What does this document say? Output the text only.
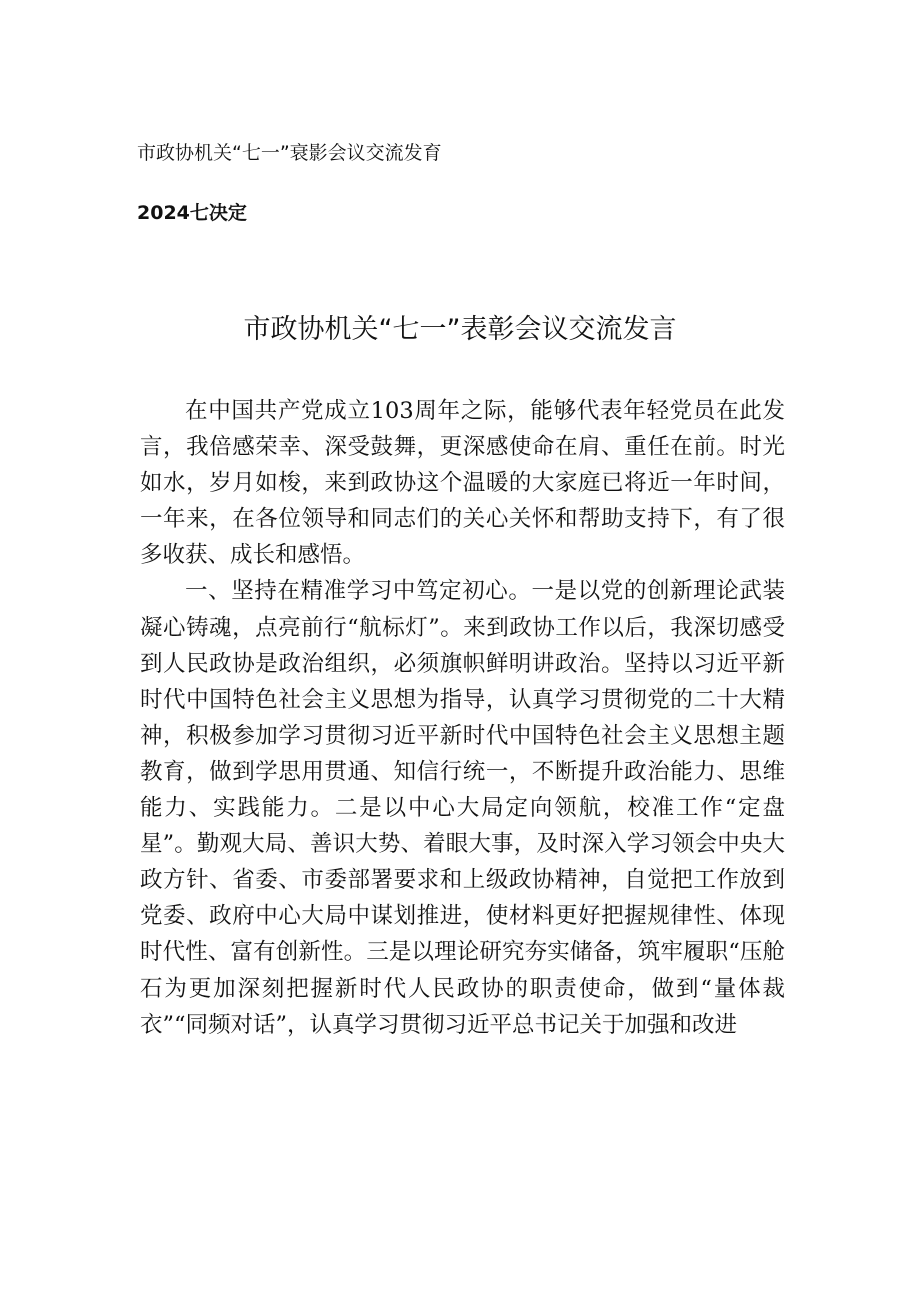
市政协机关“七一”衰影会议交流发育
2024七决定
市政协机关“七一”表彰会议交流发言

在中国共产党成立103周年之际，能够代表年轻党员在此发言，我倍感荣幸、深受鼓舞，更深感使命在肩、重任在前。时光如水，岁月如梭，来到政协这个温暖的大家庭已将近一年时间，一年来，在各位领导和同志们的关心关怀和帮助支持下，有了很多收获、成长和感悟。

一、坚持在精准学习中笃定初心。一是以党的创新理论武装凝心铸魂，点亮前行“航标灯”。来到政协工作以后，我深切感受到人民政协是政治组织，必须旗帜鲜明讲政治。坚持以习近平新时代中国特色社会主义思想为指导，认真学习贯彻党的二十大精神，积极参加学习贯彻习近平新时代中国特色社会主义思想主题教育，做到学思用贯通、知信行统一，不断提升政治能力、思维能力、实践能力。二是以中心大局定向领航，校准工作“定盘星”。勤观大局、善识大势、着眼大事，及时深入学习领会中央大政方针、省委、市委部署要求和上级政协精神，自觉把工作放到党委、政府中心大局中谋划推进，使材料更好把握规律性、体现时代性、富有创新性。三是以理论研究夯实储备，筑牢履职“压舱石为更加深刻把握新时代人民政协的职责使命，做到“量体裁衣”“同频对话”，认真学习贯彻习近平总书记关于加强和改进
